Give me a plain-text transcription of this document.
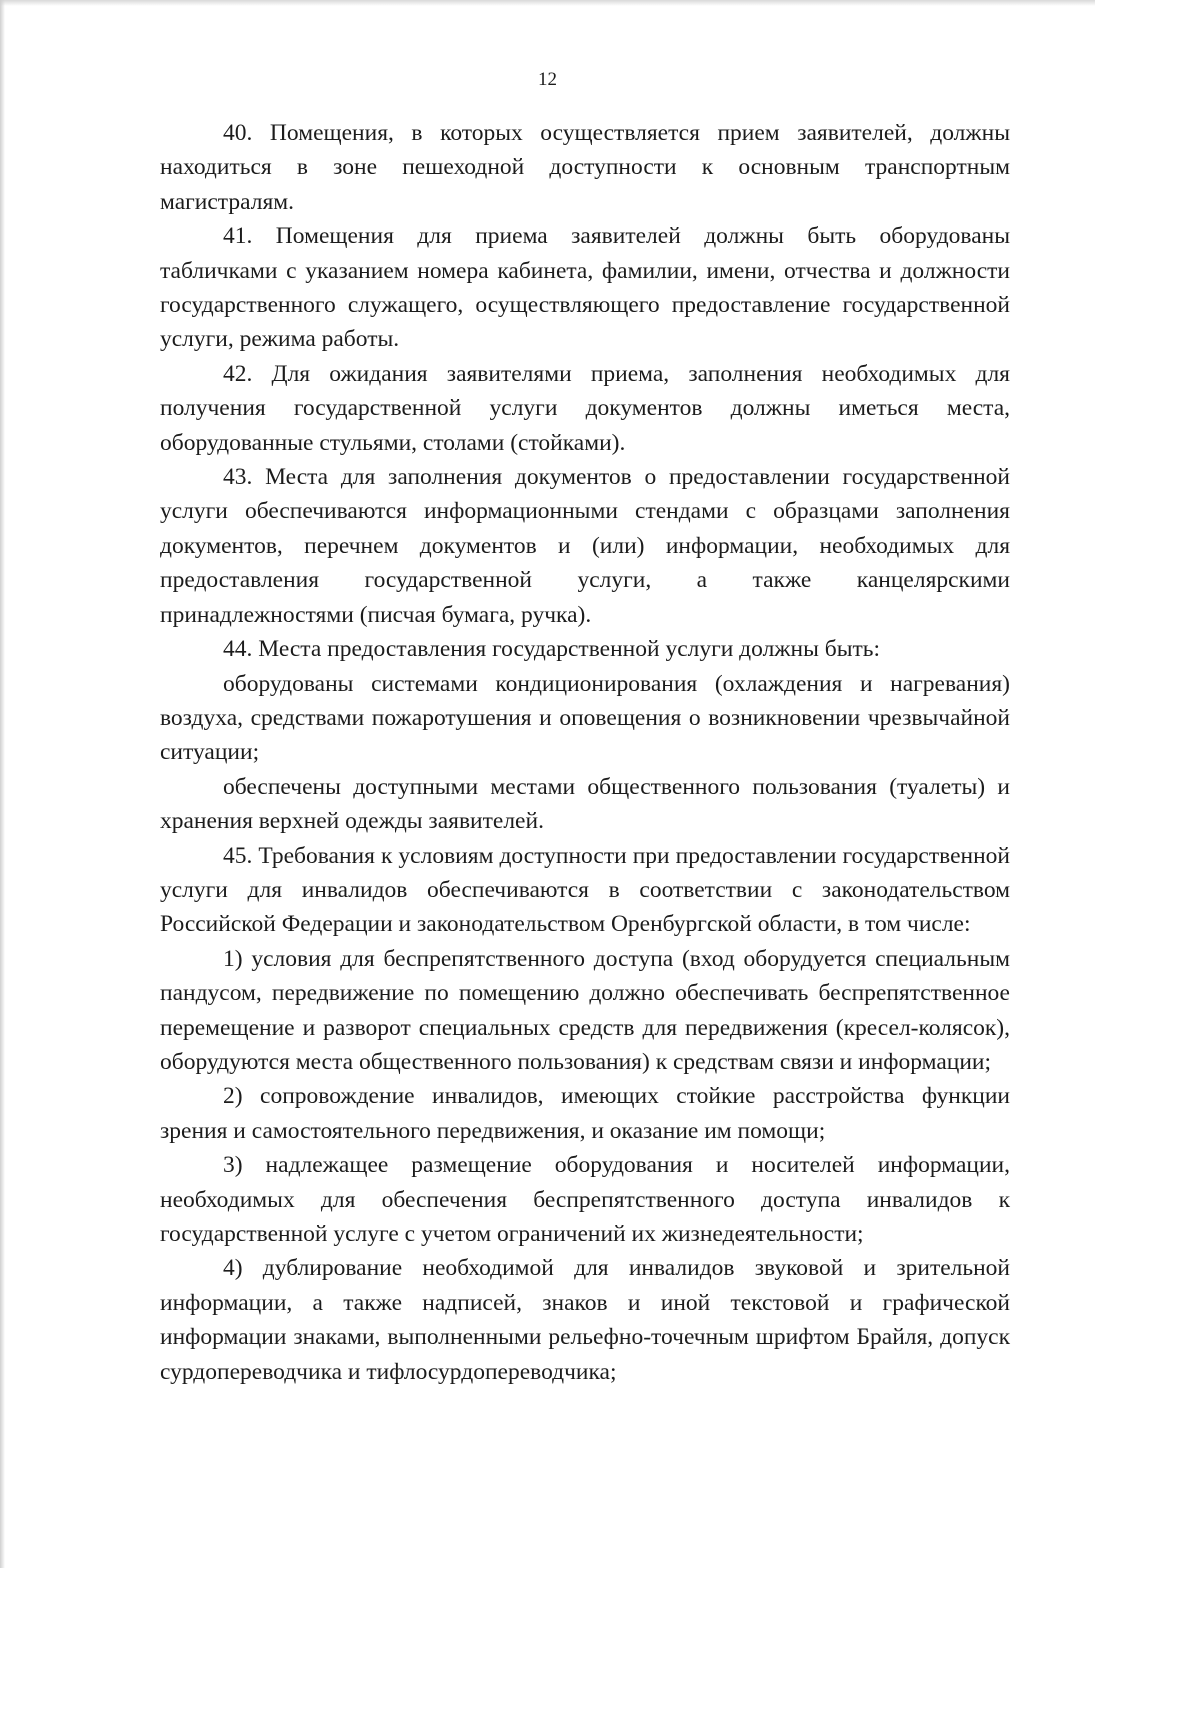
12

40. Помещения, в которых осуществляется прием заявителей, должны находиться в зоне пешеходной доступности к основным транспортным магистралям.

41. Помещения для приема заявителей должны быть оборудованы табличками с указанием номера кабинета, фамилии, имени, отчества и должности государственного служащего, осуществляющего предоставление государственной услуги, режима работы.

42. Для ожидания заявителями приема, заполнения необходимых для получения государственной услуги документов должны иметься места, оборудованные стульями, столами (стойками).

43. Места для заполнения документов о предоставлении государственной услуги обеспечиваются информационными стендами с образцами заполнения документов, перечнем документов и (или) информации, необходимых для предоставления государственной услуги, а также канцелярскими принадлежностями (писчая бумага, ручка).

44. Места предоставления государственной услуги должны быть:

оборудованы системами кондиционирования (охлаждения и нагревания) воздуха, средствами пожаротушения и оповещения о возникновении чрезвычайной ситуации;

обеспечены доступными местами общественного пользования (туалеты) и хранения верхней одежды заявителей.

45. Требования к условиям доступности при предоставлении государственной услуги для инвалидов обеспечиваются в соответствии с законодательством Российской Федерации и законодательством Оренбургской области, в том числе:

1) условия для беспрепятственного доступа (вход оборудуется специальным пандусом, передвижение по помещению должно обеспечивать беспрепятственное перемещение и разворот специальных средств для передвижения (кресел-колясок), оборудуются места общественного пользования) к средствам связи и информации;

2) сопровождение инвалидов, имеющих стойкие расстройства функции зрения и самостоятельного передвижения, и оказание им помощи;

3) надлежащее размещение оборудования и носителей информации, необходимых для обеспечения беспрепятственного доступа инвалидов к государственной услуге с учетом ограничений их жизнедеятельности;

4) дублирование необходимой для инвалидов звуковой и зрительной информации, а также надписей, знаков и иной текстовой и графической информации знаками, выполненными рельефно-точечным шрифтом Брайля, допуск сурдопереводчика и тифлосурдопереводчика;
